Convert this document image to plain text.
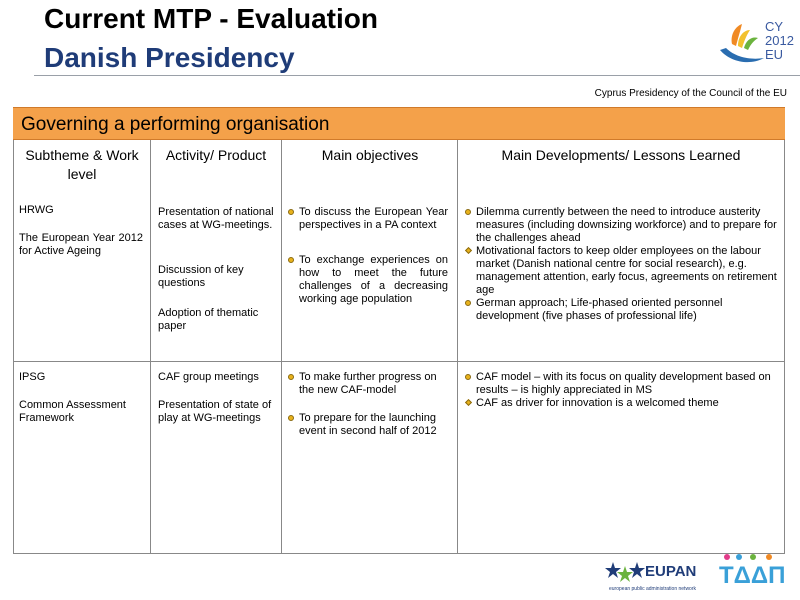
Current MTP - Evaluation
Danish Presidency
CY
2012
EU
Cyprus Presidency of the Council of the EU
Governing a performing organisation
Subtheme & Work level
Activity/ Product	Main objectives	Main Developments/ Lessons Learned
HRWG
The European Year 2012 for Active Ageing
Presentation of national cases at WG-meetings.
Discussion of key questions
Adoption of thematic paper
To discuss the European Year perspectives in a PA context
To exchange experiences on how to meet the future challenges of a decreasing working age population
Dilemma currently between the need to introduce austerity measures (including downsizing workforce) and to prepare for the challenges ahead
Motivational factors to keep older employees on the labour market (Danish national centre for social research), e.g. management attention, early focus, agreements on retirement age
German approach; Life-phased oriented personnel development (five phases of professional life)
IPSG
Common Assessment Framework
CAF group meetings
Presentation of state of play at WG-meetings
To make further progress on the new CAF-model
To prepare for the launching event in second half of 2012
CAF model – with its focus on quality development based on results – is highly appreciated in MS
CAF as driver for innovation is a welcomed theme
EUPAN
european public administration network TΔΔΠ
